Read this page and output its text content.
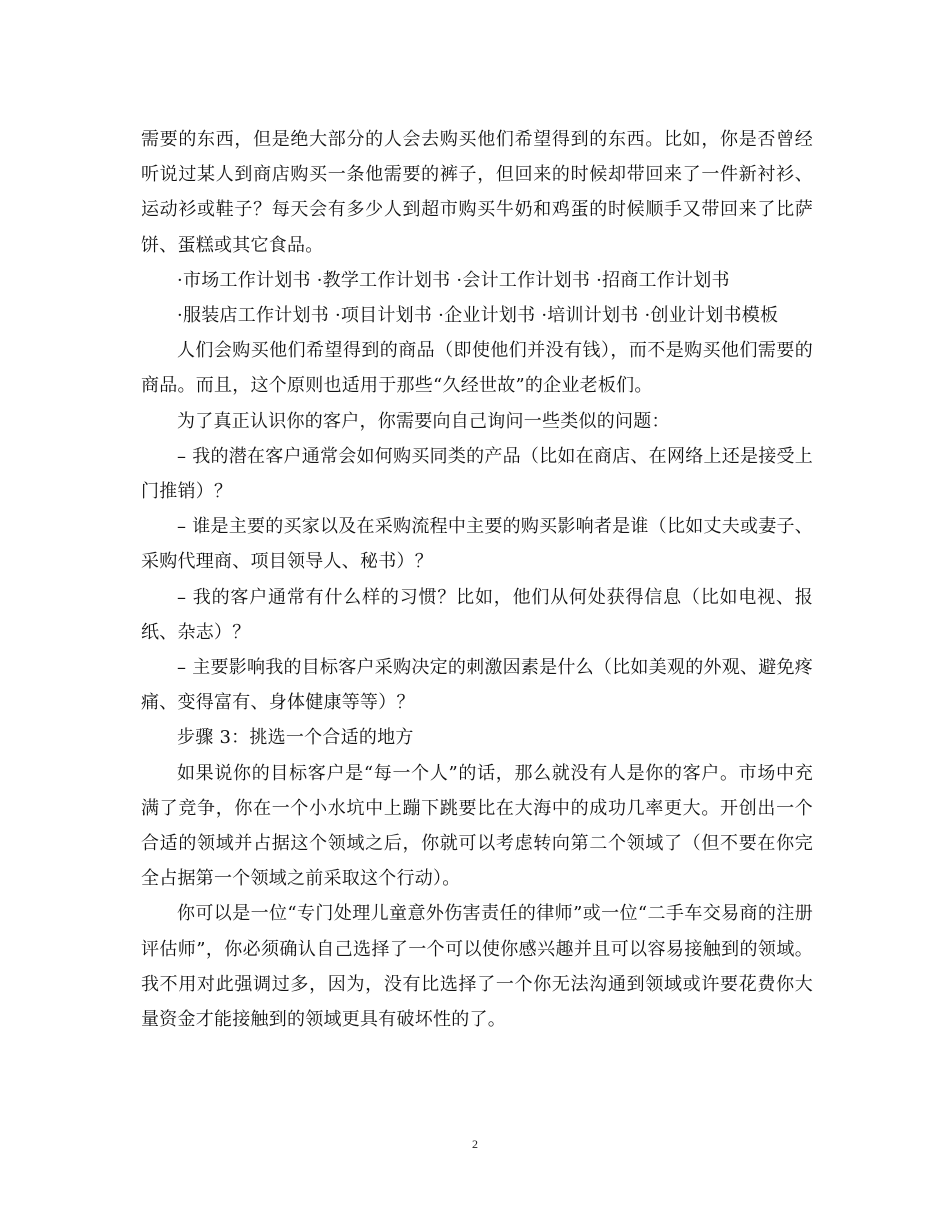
需要的东西，但是绝大部分的人会去购买他们希望得到的东西。比如，你是否曾经听说过某人到商店购买一条他需要的裤子，但回来的时候却带回来了一件新衬衫、运动衫或鞋子？每天会有多少人到超市购买牛奶和鸡蛋的时候顺手又带回来了比萨饼、蛋糕或其它食品。

·市场工作计划书 ·教学工作计划书 ·会计工作计划书 ·招商工作计划书

·服装店工作计划书 ·项目计划书 ·企业计划书 ·培训计划书 ·创业计划书模板

人们会购买他们希望得到的商品（即使他们并没有钱），而不是购买他们需要的商品。而且，这个原则也适用于那些“久经世故”的企业老板们。

为了真正认识你的客户，你需要向自己询问一些类似的问题：

– 我的潜在客户通常会如何购买同类的产品（比如在商店、在网络上还是接受上门推销）？

– 谁是主要的买家以及在采购流程中主要的购买影响者是谁（比如丈夫或妻子、采购代理商、项目领导人、秘书）？

– 我的客户通常有什么样的习惯？比如，他们从何处获得信息（比如电视、报纸、杂志）？

– 主要影响我的目标客户采购决定的刺激因素是什么（比如美观的外观、避免疼痛、变得富有、身体健康等等）？

步骤 3：挑选一个合适的地方

如果说你的目标客户是“每一个人”的话，那么就没有人是你的客户。市场中充满了竞争，你在一个小水坑中上蹦下跳要比在大海中的成功几率更大。开创出一个合适的领域并占据这个领域之后，你就可以考虑转向第二个领域了（但不要在你完全占据第一个领域之前采取这个行动）。

你可以是一位“专门处理儿童意外伤害责任的律师”或一位“二手车交易商的注册评估师”，你必须确认自己选择了一个可以使你感兴趣并且可以容易接触到的领域。我不用对此强调过多，因为，没有比选择了一个你无法沟通到领域或许要花费你大量资金才能接触到的领域更具有破坏性的了。

2
